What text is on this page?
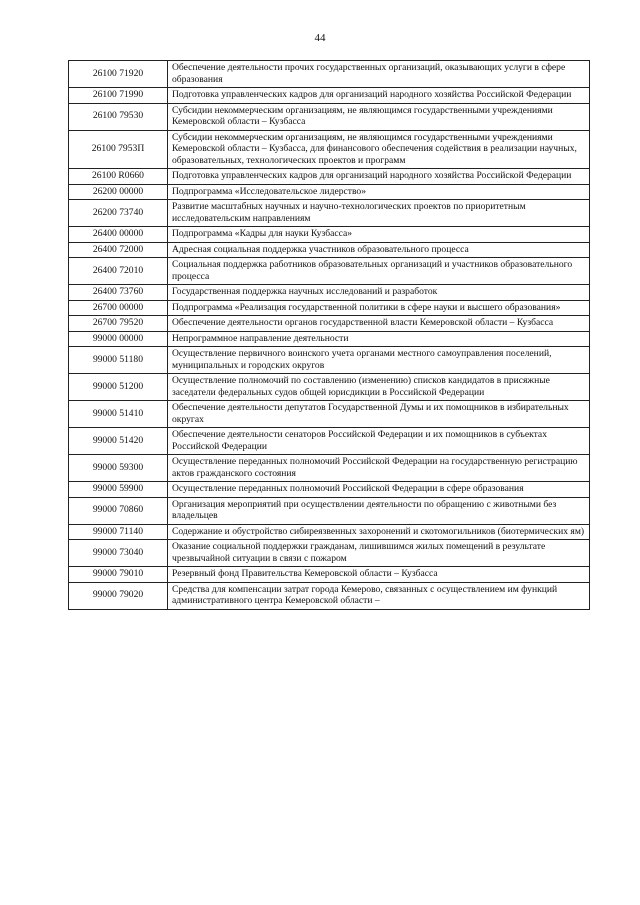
44
26100 71920	Обеспечение деятельности прочих государственных организаций, оказывающих услуги в сфере образования
26100 71990	Подготовка управленческих кадров для организаций народного хозяйства Российской Федерации
26100 79530	Субсидии некоммерческим организациям, не являющимся государственными учреждениями Кемеровской области – Кузбасса
26100 7953П	Субсидии некоммерческим организациям, не являющимся государственными учреждениями Кемеровской области – Кузбасса, для финансового обеспечения содействия в реализации научных, образовательных, технологических проектов и программ
26100 R0660	Подготовка управленческих кадров для организаций народного хозяйства Российской Федерации
26200 00000	Подпрограмма «Исследовательское лидерство»
26200 73740	Развитие масштабных научных и научно-технологических проектов по приоритетным исследовательским направлениям
26400 00000	Подпрограмма «Кадры для науки Кузбасса»
26400 72000	Адресная социальная поддержка участников образовательного процесса
26400 72010	Социальная поддержка работников образовательных организаций и участников образовательного процесса
26400 73760	Государственная поддержка научных исследований и разработок
26700 00000	Подпрограмма «Реализация государственной политики в сфере науки и высшего образования»
26700 79520	Обеспечение деятельности органов государственной власти Кемеровской области – Кузбасса
99000 00000	Непрограммное направление деятельности
99000 51180	Осуществление первичного воинского учета органами местного самоуправления поселений, муниципальных и городских округов
99000 51200	Осуществление полномочий по составлению (изменению) списков кандидатов в присяжные заседатели федеральных судов общей юрисдикции в Российской Федерации
99000 51410	Обеспечение деятельности депутатов Государственной Думы и их помощников в избирательных округах
99000 51420	Обеспечение деятельности сенаторов Российской Федерации и их помощников в субъектах Российской Федерации
99000 59300	Осуществление переданных полномочий Российской Федерации на государственную регистрацию актов гражданского состояния
99000 59900	Осуществление переданных полномочий Российской Федерации в сфере образования
99000 70860	Организация мероприятий при осуществлении деятельности по обращению с животными без владельцев
99000 71140	Содержание и обустройство сибиреязвенных захоронений и скотомогильников (биотермических ям)
99000 73040	Оказание социальной поддержки гражданам, лишившимся жилых помещений в результате чрезвычайной ситуации в связи с пожаром
99000 79010	Резервный фонд Правительства Кемеровской области – Кузбасса
99000 79020	Средства для компенсации затрат города Кемерово, связанных с осуществлением им функций административного центра Кемеровской области –
